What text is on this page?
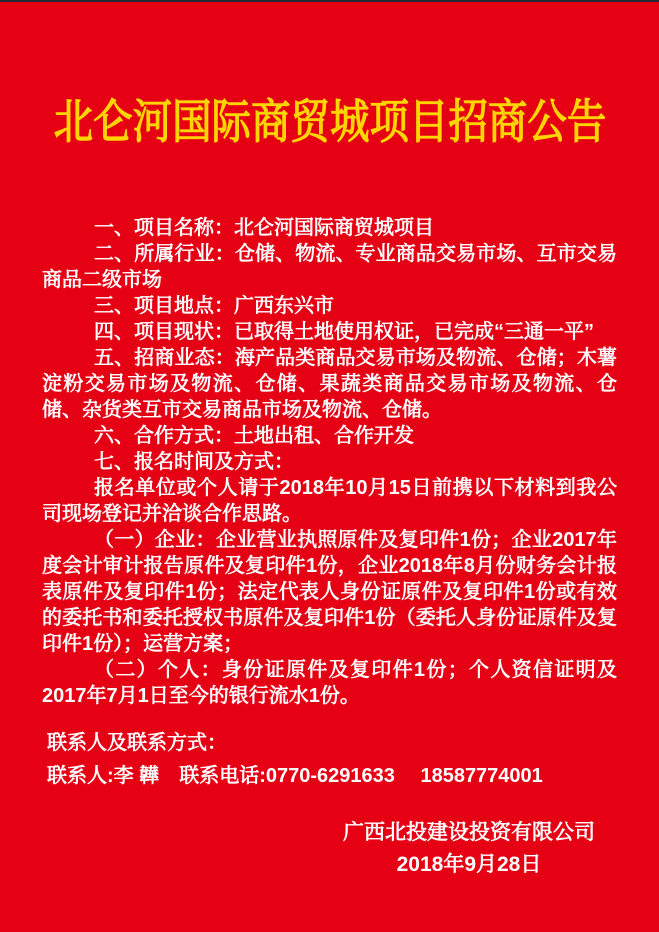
北仑河国际商贸城项目招商公告

一、项目名称：北仑河国际商贸城项目

二、所属行业：仓储、物流、专业商品交易市场、互市交易商品二级市场

三、项目地点：广西东兴市

四、项目现状：已取得土地使用权证，已完成“三通一平”

五、招商业态：海产品类商品交易市场及物流、仓储；木薯淀粉交易市场及物流、仓储、果蔬类商品交易市场及物流、仓储、杂货类互市交易商品市场及物流、仓储。

六、合作方式：土地出租、合作开发

七、报名时间及方式：

报名单位或个人请于2018年10月15日前携以下材料到我公司现场登记并洽谈合作思路。

（一）企业：企业营业执照原件及复印件1份；企业2017年度会计审计报告原件及复印件1份，企业2018年8月份财务会计报表原件及复印件1份；法定代表人身份证原件及复印件1份或有效的委托书和委托授权书原件及复印件1份（委托人身份证原件及复印件1份）；运营方案；

（二）个人：身份证原件及复印件1份；个人资信证明及2017年7月1日至今的银行流水1份。

联系人及联系方式：
联系人:李 韡　联系电话:0770-6291633　 18587774001
广西北投建设投资有限公司
2018年9月28日
